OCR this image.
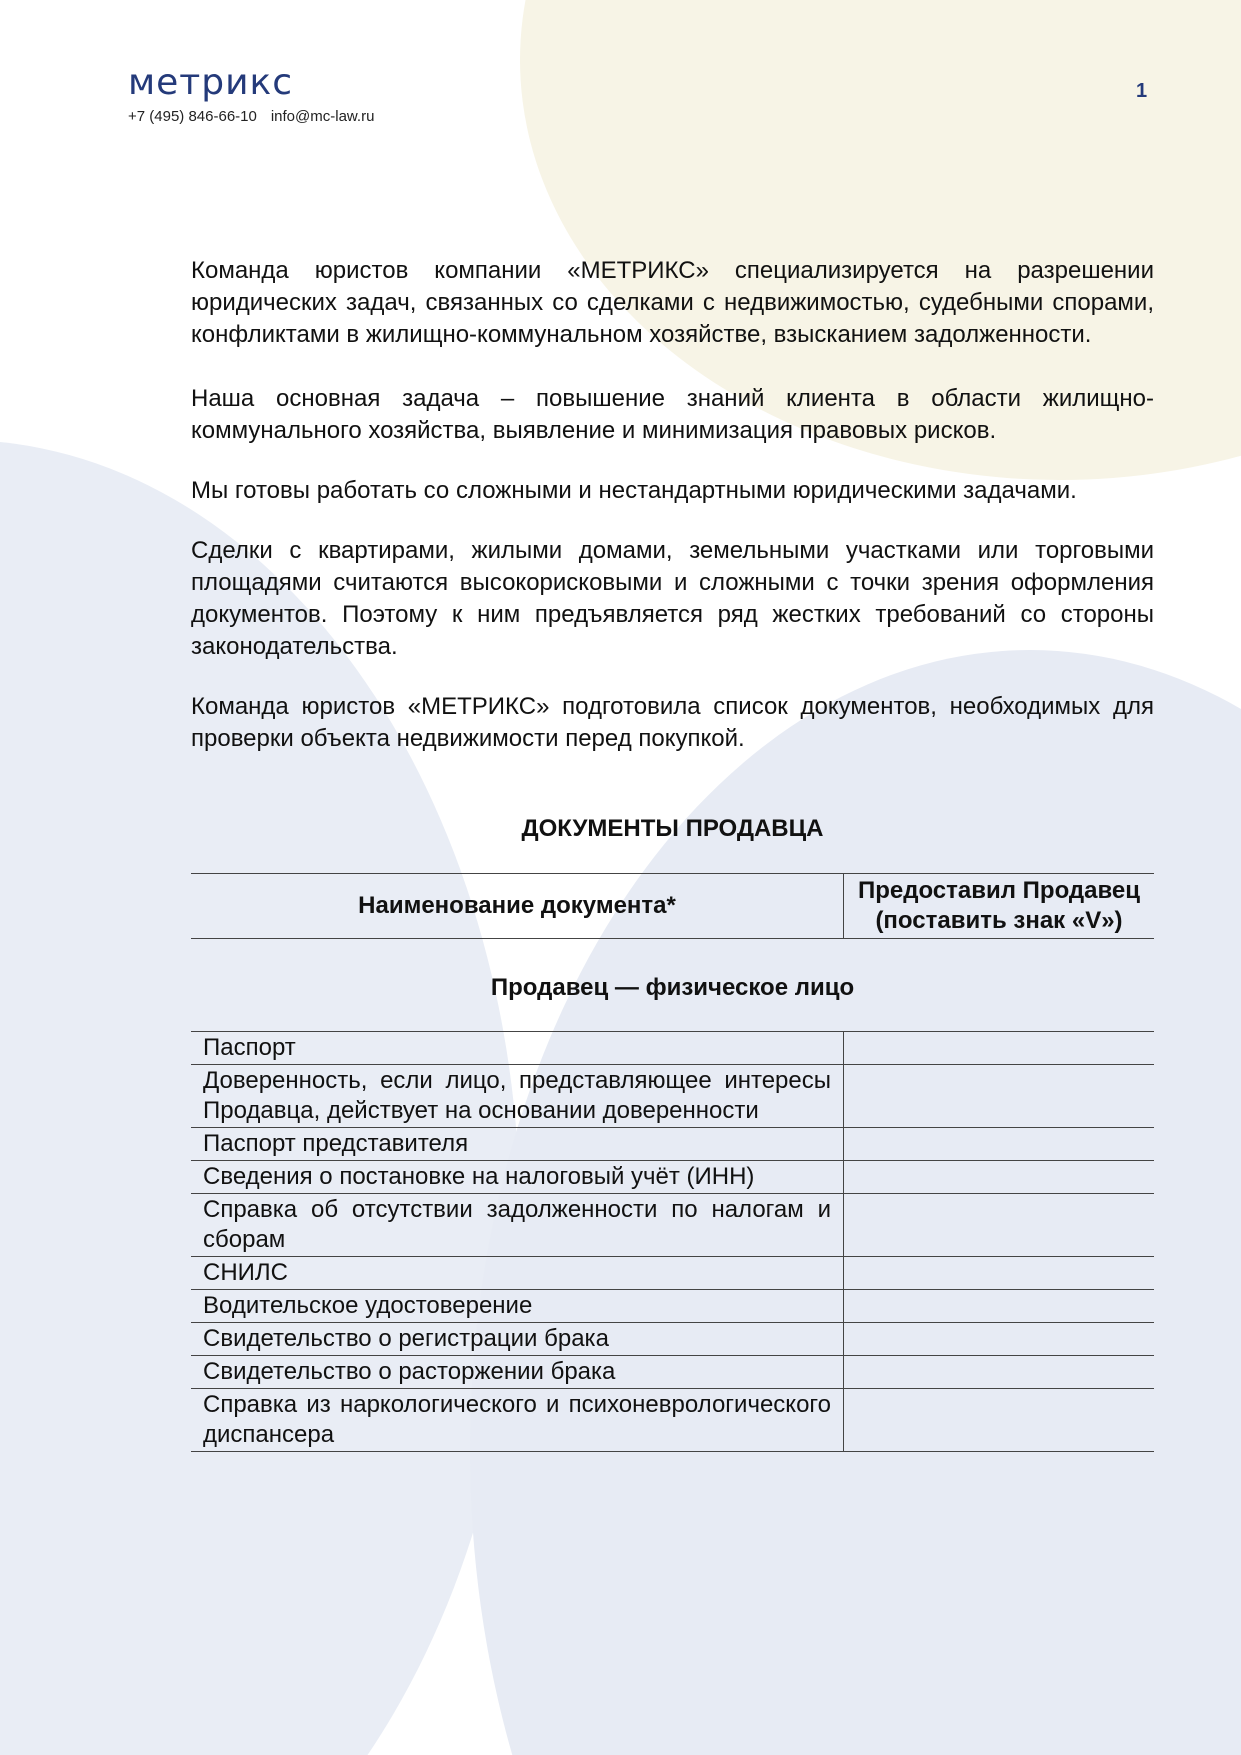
метрикс
+7 (495) 846-66-10 info@mc-law.ru
1

Команда юристов компании «МЕТРИКС» специализируется на разрешении юридических задач, связанных со сделками с недвижимостью, судебными спорами, конфликтами в жилищно-коммунальном хозяйстве, взысканием задолженности.

Наша основная задача – повышение знаний клиента в области жилищно-коммунального хозяйства, выявление и минимизация правовых рисков.

Мы готовы работать со сложными и нестандартными юридическими задачами.

Сделки с квартирами, жилыми домами, земельными участками или торговыми площадями считаются высокорисковыми и сложными с точки зрения оформления документов. Поэтому к ним предъявляется ряд жестких требований со стороны законодательства.

Команда юристов «МЕТРИКС» подготовила список документов, необходимых для проверки объекта недвижимости перед покупкой.

ДОКУМЕНТЫ ПРОДАВЦА
Наименование документа*	Предоставил Продавец (поставить знак «V»)
Продавец — физическое лицо	
Паспорт	
Доверенность, если лицо, представляющее интересы Продавца, действует на основании доверенности	
Паспорт представителя	
Сведения о постановке на налоговый учёт (ИНН)	
Справка об отсутствии задолженности по налогам и сборам	
СНИЛС	
Водительское удостоверение	
Свидетельство о регистрации брака	
Свидетельство о расторжении брака	
Справка из наркологического и психоневрологического диспансера	
